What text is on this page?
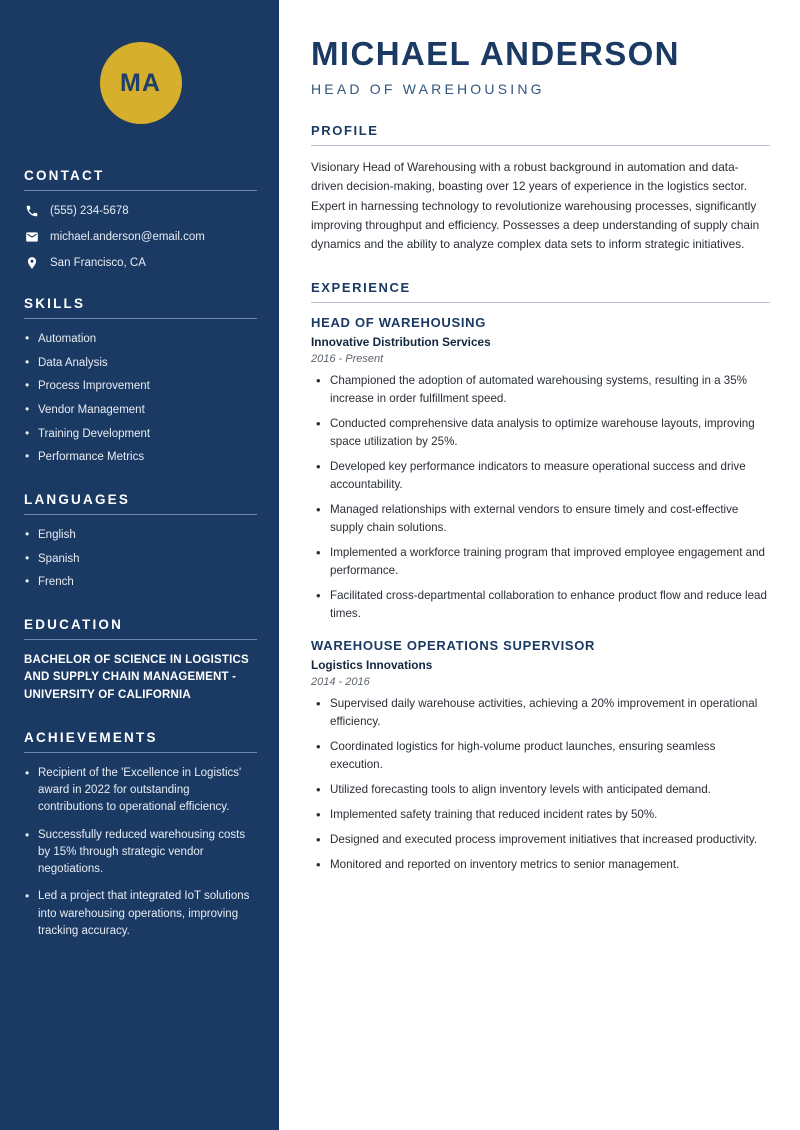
MA
CONTACT
(555) 234-5678
michael.anderson@email.com
San Francisco, CA
SKILLS
• Automation
• Data Analysis
• Process Improvement
• Vendor Management
• Training Development
• Performance Metrics
LANGUAGES
• English
• Spanish
• French
EDUCATION
BACHELOR OF SCIENCE IN LOGISTICS AND SUPPLY CHAIN MANAGEMENT - UNIVERSITY OF CALIFORNIA
ACHIEVEMENTS
• Recipient of the 'Excellence in Logistics' award in 2022 for outstanding contributions to operational efficiency.
• Successfully reduced warehousing costs by 15% through strategic vendor negotiations.
• Led a project that integrated IoT solutions into warehousing operations, improving tracking accuracy.
MICHAEL ANDERSON
HEAD OF WAREHOUSING
PROFILE

Visionary Head of Warehousing with a robust background in automation and data-driven decision-making, boasting over 12 years of experience in the logistics sector. Expert in harnessing technology to revolutionize warehousing processes, significantly improving throughput and efficiency. Possesses a deep understanding of supply chain dynamics and the ability to analyze complex data sets to inform strategic initiatives.

EXPERIENCE
HEAD OF WAREHOUSING
Innovative Distribution Services
2016 - Present
• Championed the adoption of automated warehousing systems, resulting in a 35% increase in order fulfillment speed.
• Conducted comprehensive data analysis to optimize warehouse layouts, improving space utilization by 25%.
• Developed key performance indicators to measure operational success and drive accountability.
• Managed relationships with external vendors to ensure timely and cost-effective supply chain solutions.
• Implemented a workforce training program that improved employee engagement and performance.
• Facilitated cross-departmental collaboration to enhance product flow and reduce lead times.
WAREHOUSE OPERATIONS SUPERVISOR
Logistics Innovations
2014 - 2016
• Supervised daily warehouse activities, achieving a 20% improvement in operational efficiency.
• Coordinated logistics for high-volume product launches, ensuring seamless execution.
• Utilized forecasting tools to align inventory levels with anticipated demand.
• Implemented safety training that reduced incident rates by 50%.
• Designed and executed process improvement initiatives that increased productivity.
• Monitored and reported on inventory metrics to senior management.
